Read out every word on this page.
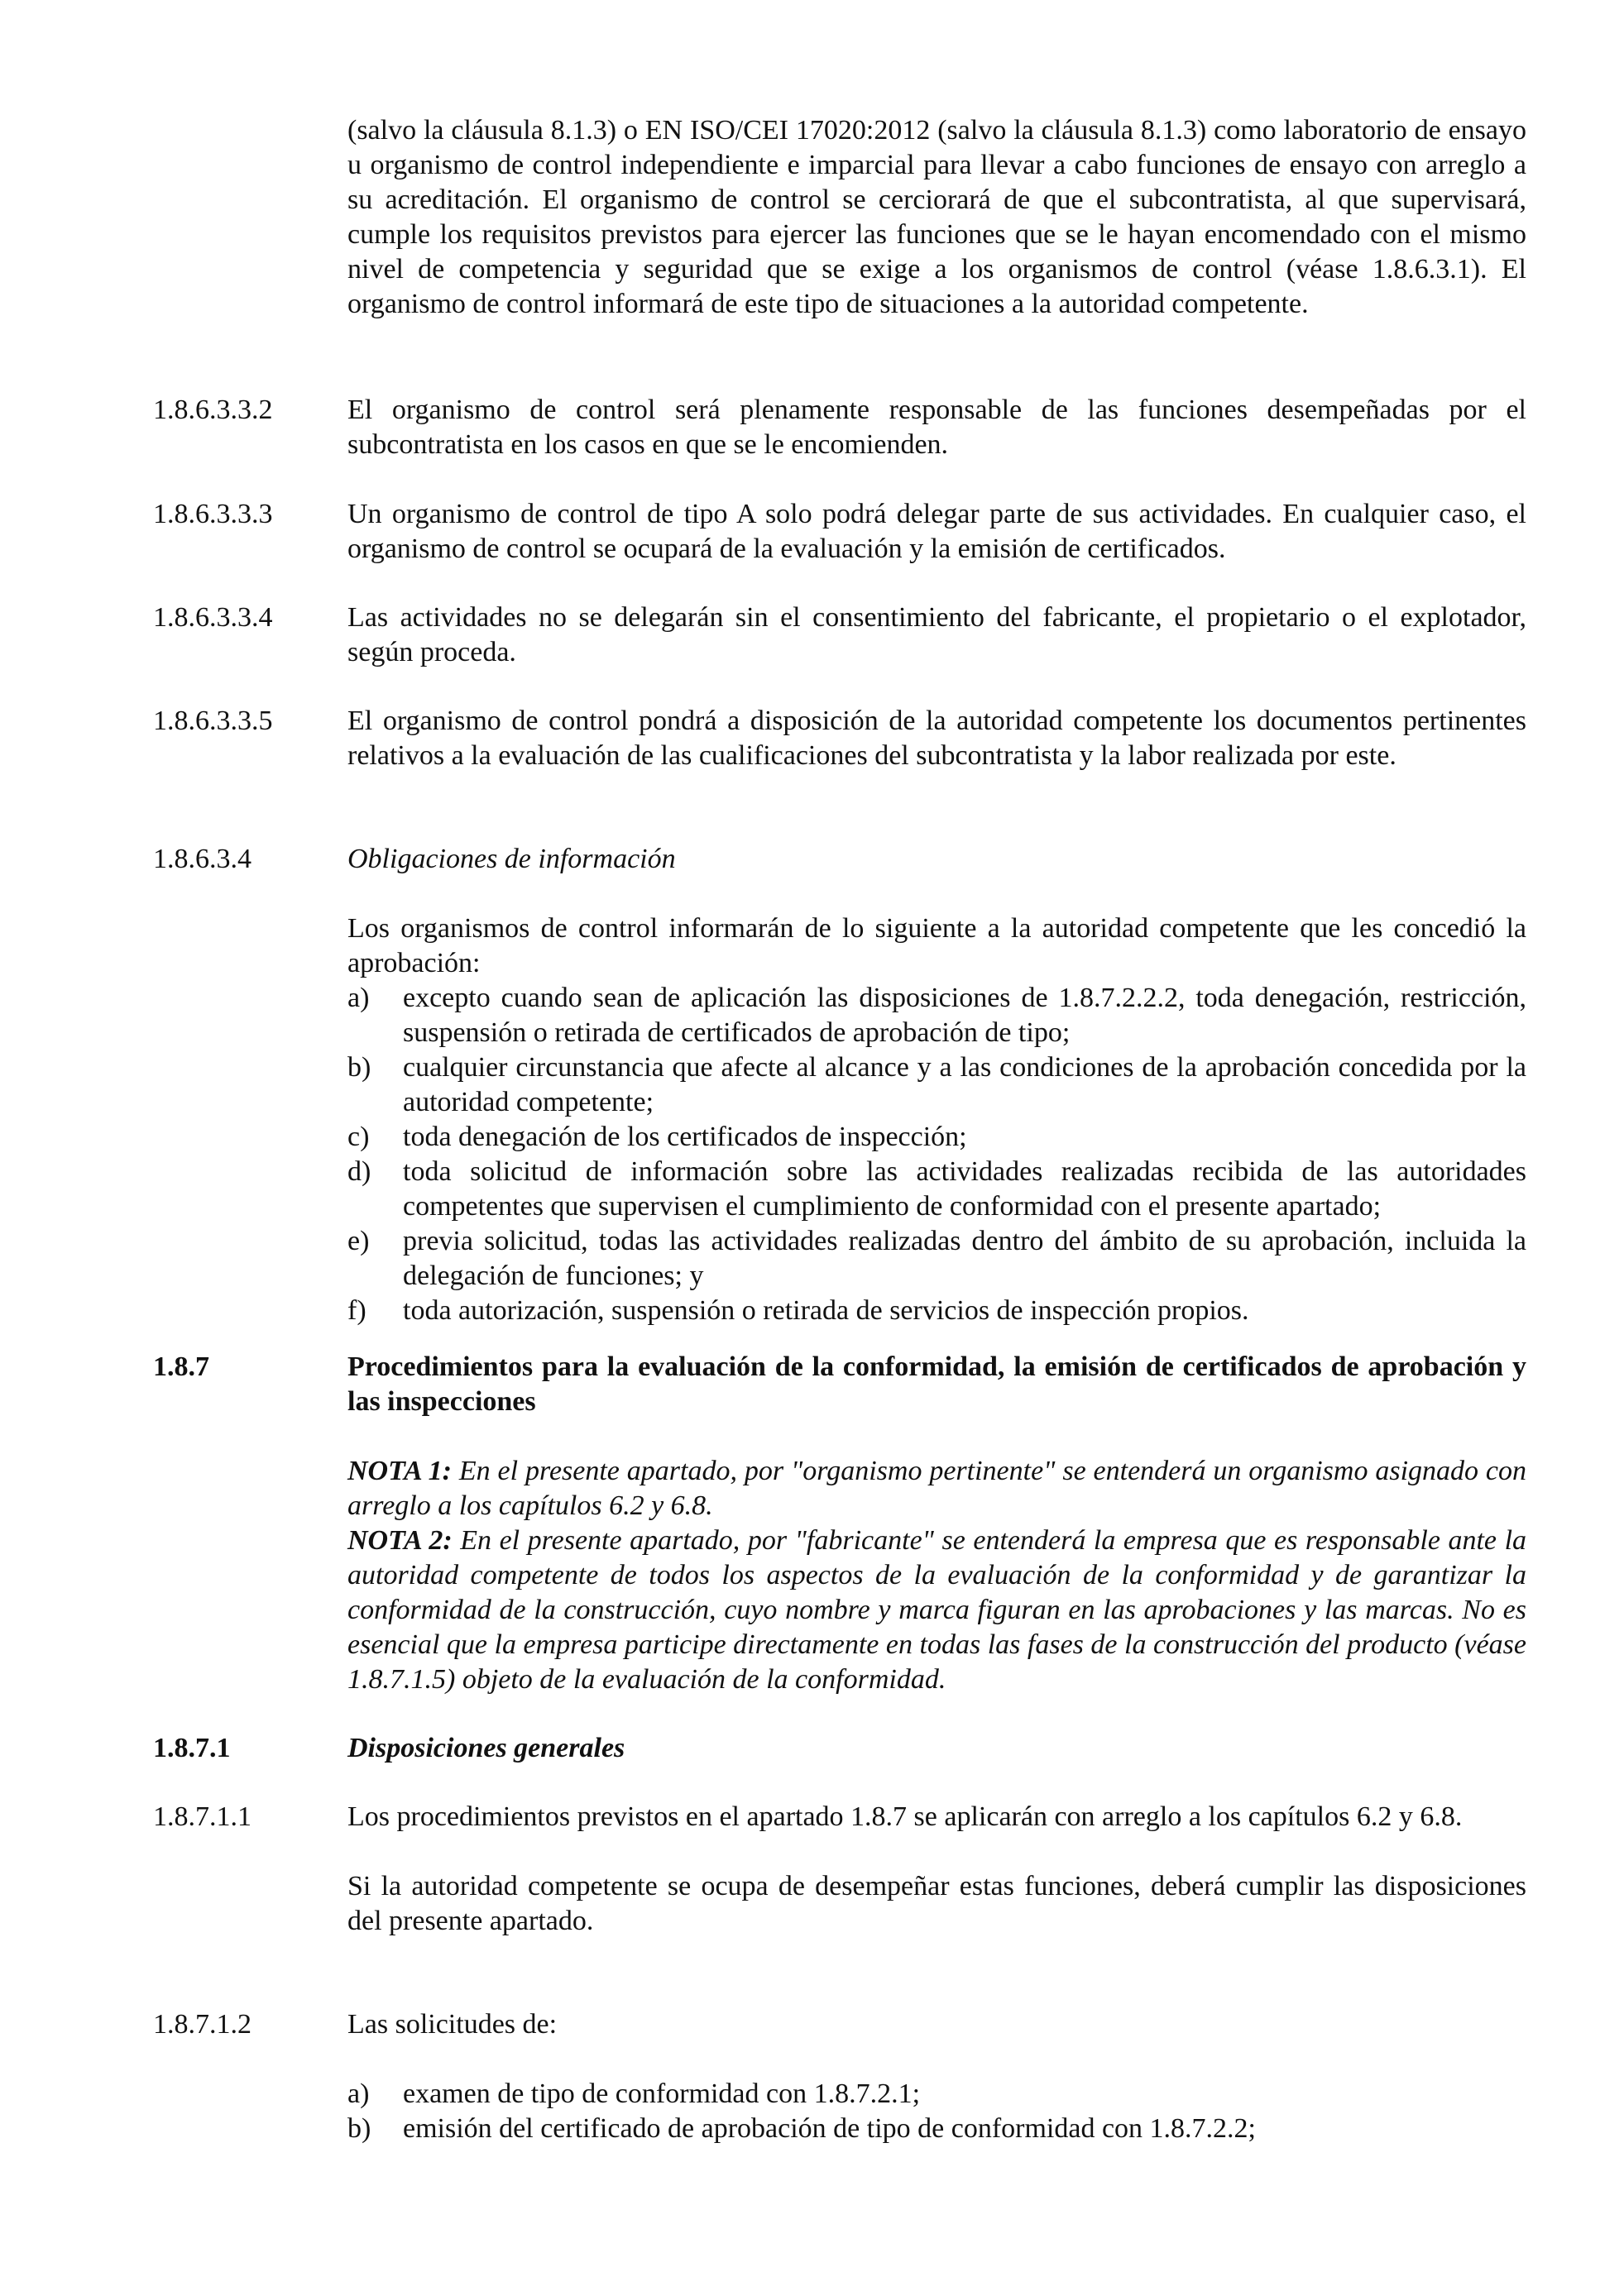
(salvo la cláusula 8.1.3) o EN ISO/CEI 17020:2012 (salvo la cláusula 8.1.3) como laboratorio de ensayo u organismo de control independiente e imparcial para llevar a cabo funciones de ensayo con arreglo a su acreditación. El organismo de control se cerciorará de que el subcontratista, al que supervisará, cumple los requisitos previstos para ejercer las funciones que se le hayan encomendado con el mismo nivel de competencia y seguridad que se exige a los organismos de control (véase 1.8.6.3.1). El organismo de control informará de este tipo de situaciones a la autoridad competente.

1.8.6.3.3.2	El organismo de control será plenamente responsable de las funciones desempeñadas por el subcontratista en los casos en que se le encomienden.

1.8.6.3.3.3	Un organismo de control de tipo A solo podrá delegar parte de sus actividades. En cualquier caso, el organismo de control se ocupará de la evaluación y la emisión de certificados.

1.8.6.3.3.4	Las actividades no se delegarán sin el consentimiento del fabricante, el propietario o el explotador, según proceda.

1.8.6.3.3.5	El organismo de control pondrá a disposición de la autoridad competente los documentos pertinentes relativos a la evaluación de las cualificaciones del subcontratista y la labor realizada por este.

1.8.6.3.4	Obligaciones de información

Los organismos de control informarán de lo siguiente a la autoridad competente que les concedió la aprobación:

a) excepto cuando sean de aplicación las disposiciones de 1.8.7.2.2.2, toda denegación, restricción, suspensión o retirada de certificados de aprobación de tipo;
b) cualquier circunstancia que afecte al alcance y a las condiciones de la aprobación concedida por la autoridad competente;
c) toda denegación de los certificados de inspección;
d) toda solicitud de información sobre las actividades realizadas recibida de las autoridades competentes que supervisen el cumplimiento de conformidad con el presente apartado;
e) previa solicitud, todas las actividades realizadas dentro del ámbito de su aprobación, incluida la delegación de funciones; y
f) toda autorización, suspensión o retirada de servicios de inspección propios.
1.8.7	Procedimientos para la evaluación de la conformidad, la emisión de certificados de aprobación y las inspecciones

NOTA 1: En el presente apartado, por "organismo pertinente" se entenderá un organismo asignado con arreglo a los capítulos 6.2 y 6.8.

NOTA 2: En el presente apartado, por "fabricante" se entenderá la empresa que es responsable ante la autoridad competente de todos los aspectos de la evaluación de la conformidad y de garantizar la conformidad de la construcción, cuyo nombre y marca figuran en las aprobaciones y las marcas. No es esencial que la empresa participe directamente en todas las fases de la construcción del producto (véase 1.8.7.1.5) objeto de la evaluación de la conformidad.

1.8.7.1	Disposiciones generales

1.8.7.1.1	Los procedimientos previstos en el apartado 1.8.7 se aplicarán con arreglo a los capítulos 6.2 y 6.8.

Si la autoridad competente se ocupa de desempeñar estas funciones, deberá cumplir las disposiciones del presente apartado.

1.8.7.1.2	Las solicitudes de:

a) examen de tipo de conformidad con 1.8.7.2.1;
b) emisión del certificado de aprobación de tipo de conformidad con 1.8.7.2.2;
